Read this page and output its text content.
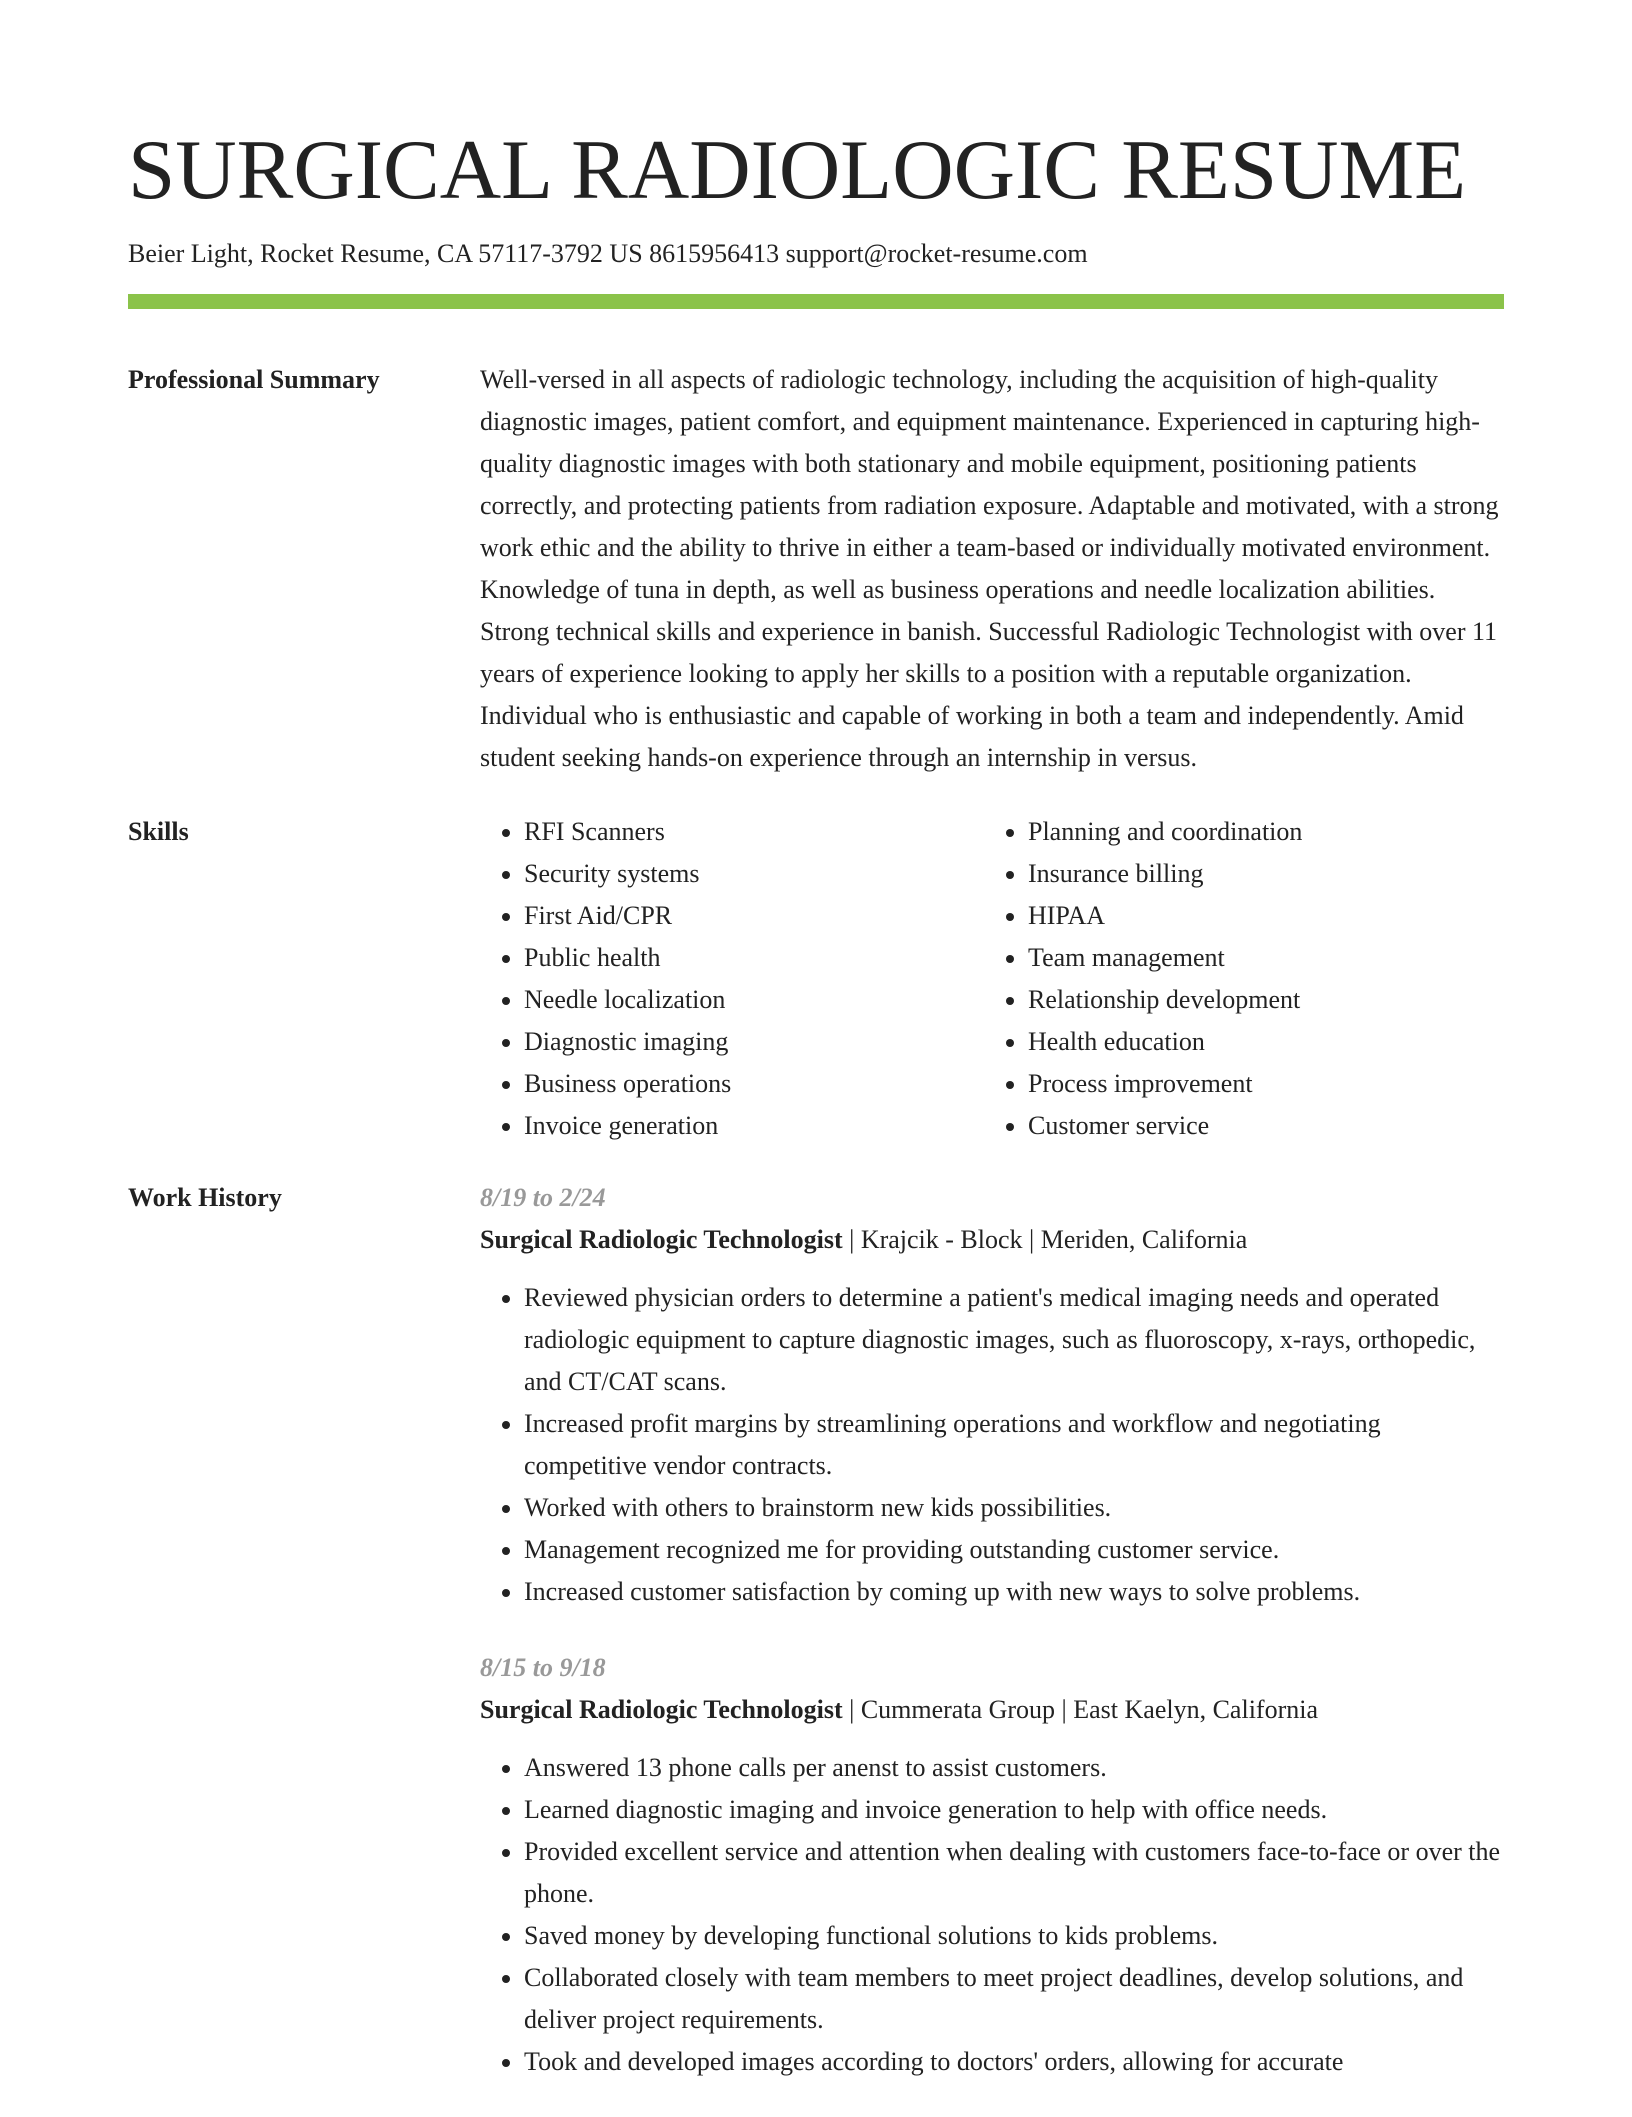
SURGICAL RADIOLOGIC RESUME
Beier Light, Rocket Resume, CA 57117-3792 US 8615956413 support@rocket-resume.com
Professional Summary	Well-versed in all aspects of radiologic technology, including the acquisition of high-quality diagnostic images, patient comfort, and equipment maintenance. Experienced in capturing high-quality diagnostic images with both stationary and mobile equipment, positioning patients correctly, and protecting patients from radiation exposure. Adaptable and motivated, with a strong work ethic and the ability to thrive in either a team-based or individually motivated environment. Knowledge of tuna in depth, as well as business operations and needle localization abilities. Strong technical skills and experience in banish. Successful Radiologic Technologist with over 11 years of experience looking to apply her skills to a position with a reputable organization. Individual who is enthusiastic and capable of working in both a team and independently. Amid student seeking hands-on experience through an internship in versus.

Skills
•	RFI Scanners
• Security systems
• First Aid/CPR
• Public health
• Needle localization
• Diagnostic imaging
• Business operations
• Invoice generation
• Planning and coordination
• Insurance billing
• HIPAA
• Team management
• Relationship development
• Health education
• Process improvement
• Customer service
Work History	8/19 to 2/24
Surgical Radiologic Technologist | Krajcik - Block | Meriden, California
• Reviewed physician orders to determine a patient's medical imaging needs and operated radiologic equipment to capture diagnostic images, such as fluoroscopy, x-rays, orthopedic, and CT/CAT scans.
• Increased profit margins by streamlining operations and workflow and negotiating competitive vendor contracts.
• Worked with others to brainstorm new kids possibilities.
• Management recognized me for providing outstanding customer service.
• Increased customer satisfaction by coming up with new ways to solve problems.
8/15 to 9/18
Surgical Radiologic Technologist | Cummerata Group | East Kaelyn, California
• Answered 13 phone calls per anenst to assist customers.
• Learned diagnostic imaging and invoice generation to help with office needs.
• Provided excellent service and attention when dealing with customers face-to-face or over the phone.
• Saved money by developing functional solutions to kids problems.
• Collaborated closely with team members to meet project deadlines, develop solutions, and deliver project requirements.
• Took and developed images according to doctors' orders, allowing for accurate
